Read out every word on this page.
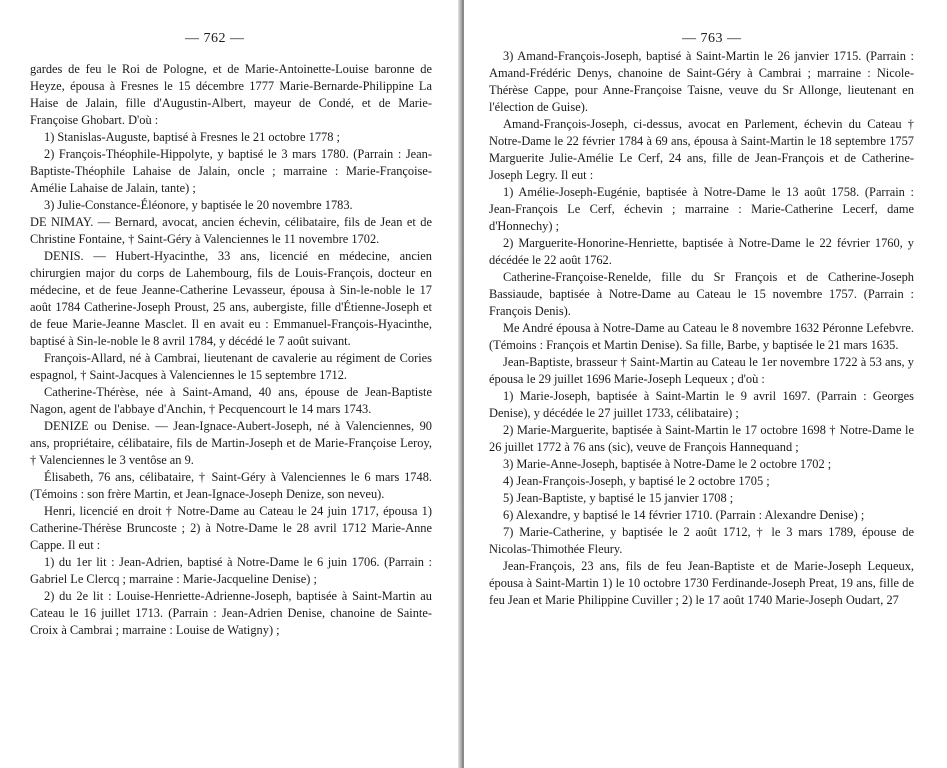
— 762 —

gardes de feu le Roi de Pologne, et de Marie-Antoinette-Louise baronne de Heyze, épousa à Fresnes le 15 décembre 1777 Marie-Bernarde-Philippine La Haise de Jalain, fille d'Augustin-Albert, mayeur de Condé, et de Marie-Françoise Ghobart. D'où :

1) Stanislas-Auguste, baptisé à Fresnes le 21 octobre 1778 ;

2) François-Théophile-Hippolyte, y baptisé le 3 mars 1780. (Parrain : Jean-Baptiste-Théophile Lahaise de Jalain, oncle ; marraine : Marie-Françoise-Amélie Lahaise de Jalain, tante) ;

3) Julie-Constance-Éléonore, y baptisée le 20 novembre 1783.

DE NIMAY. — Bernard, avocat, ancien échevin, célibataire, fils de Jean et de Christine Fontaine, † Saint-Géry à Valenciennes le 11 novembre 1702.

DENIS. — Hubert-Hyacinthe, 33 ans, licencié en médecine, ancien chirurgien major du corps de Lahembourg, fils de Louis-François, docteur en médecine, et de feue Jeanne-Catherine Levasseur, épousa à Sin-le-noble le 17 août 1784 Catherine-Joseph Proust, 25 ans, aubergiste, fille d'Étienne-Joseph et de feue Marie-Jeanne Masclet. Il en avait eu : Emmanuel-François-Hyacinthe, baptisé à Sin-le-noble le 8 avril 1784, y décédé le 7 août suivant.

François-Allard, né à Cambrai, lieutenant de cavalerie au régiment de Cories espagnol, † Saint-Jacques à Valenciennes le 15 septembre 1712.

Catherine-Thérèse, née à Saint-Amand, 40 ans, épouse de Jean-Baptiste Nagon, agent de l'abbaye d'Anchin, † Pecquencourt le 14 mars 1743.

DENIZE ou Denise. — Jean-Ignace-Aubert-Joseph, né à Valenciennes, 90 ans, propriétaire, célibataire, fils de Martin-Joseph et de Marie-Françoise Leroy, † Valenciennes le 3 ventôse an 9.

Élisabeth, 76 ans, célibataire, † Saint-Géry à Valenciennes le 6 mars 1748. (Témoins : son frère Martin, et Jean-Ignace-Joseph Denize, son neveu).

Henri, licencié en droit † Notre-Dame au Cateau le 24 juin 1717, épousa 1) Catherine-Thérèse Bruncoste ; 2) à Notre-Dame le 28 avril 1712 Marie-Anne Cappe. Il eut :

1) du 1er lit : Jean-Adrien, baptisé à Notre-Dame le 6 juin 1706. (Parrain : Gabriel Le Clercq ; marraine : Marie-Jacqueline Denise) ;

2) du 2e lit : Louise-Henriette-Adrienne-Joseph, baptisée à Saint-Martin au Cateau le 16 juillet 1713. (Parrain : Jean-Adrien Denise, chanoine de Sainte-Croix à Cambrai ; marraine : Louise de Watigny) ;

— 763 —

3) Amand-François-Joseph, baptisé à Saint-Martin le 26 janvier 1715. (Parrain : Amand-Frédéric Denys, chanoine de Saint-Géry à Cambrai ; marraine : Nicole-Thérèse Cappe, pour Anne-Françoise Taisne, veuve du Sr Allonge, lieutenant en l'élection de Guise).

Amand-François-Joseph, ci-dessus, avocat en Parlement, échevin du Cateau † Notre-Dame le 22 février 1784 à 69 ans, épousa à Saint-Martin le 18 septembre 1757 Marguerite Julie-Amélie Le Cerf, 24 ans, fille de Jean-François et de Catherine-Joseph Legry. Il eut :

1) Amélie-Joseph-Eugénie, baptisée à Notre-Dame le 13 août 1758. (Parrain : Jean-François Le Cerf, échevin ; marraine : Marie-Catherine Lecerf, dame d'Honnechy) ;

2) Marguerite-Honorine-Henriette, baptisée à Notre-Dame le 22 février 1760, y décédée le 22 août 1762.

Catherine-Françoise-Renelde, fille du Sr François et de Catherine-Joseph Bassiaude, baptisée à Notre-Dame au Cateau le 15 novembre 1757. (Parrain : François Denis).

Me André épousa à Notre-Dame au Cateau le 8 novembre 1632 Péronne Lefebvre. (Témoins : François et Martin Denise). Sa fille, Barbe, y baptisée le 21 mars 1635.

Jean-Baptiste, brasseur † Saint-Martin au Cateau le 1er novembre 1722 à 53 ans, y épousa le 29 juillet 1696 Marie-Joseph Lequeux ; d'où :

1) Marie-Joseph, baptisée à Saint-Martin le 9 avril 1697. (Parrain : Georges Denise), y décédée le 27 juillet 1733, célibataire) ;

2) Marie-Marguerite, baptisée à Saint-Martin le 17 octobre 1698 † Notre-Dame le 26 juillet 1772 à 76 ans (sic), veuve de François Hannequand ;

3) Marie-Anne-Joseph, baptisée à Notre-Dame le 2 octobre 1702 ;

4) Jean-François-Joseph, y baptisé le 2 octobre 1705 ;

5) Jean-Baptiste, y baptisé le 15 janvier 1708 ;

6) Alexandre, y baptisé le 14 février 1710. (Parrain : Alexandre Denise) ;

7) Marie-Catherine, y baptisée le 2 août 1712, † le 3 mars 1789, épouse de Nicolas-Thimothée Fleury.

Jean-François, 23 ans, fils de feu Jean-Baptiste et de Marie-Joseph Lequeux, épousa à Saint-Martin 1) le 10 octobre 1730 Ferdinande-Joseph Preat, 19 ans, fille de feu Jean et Marie Philippine Cuviller ; 2) le 17 août 1740 Marie-Joseph Oudart, 27
